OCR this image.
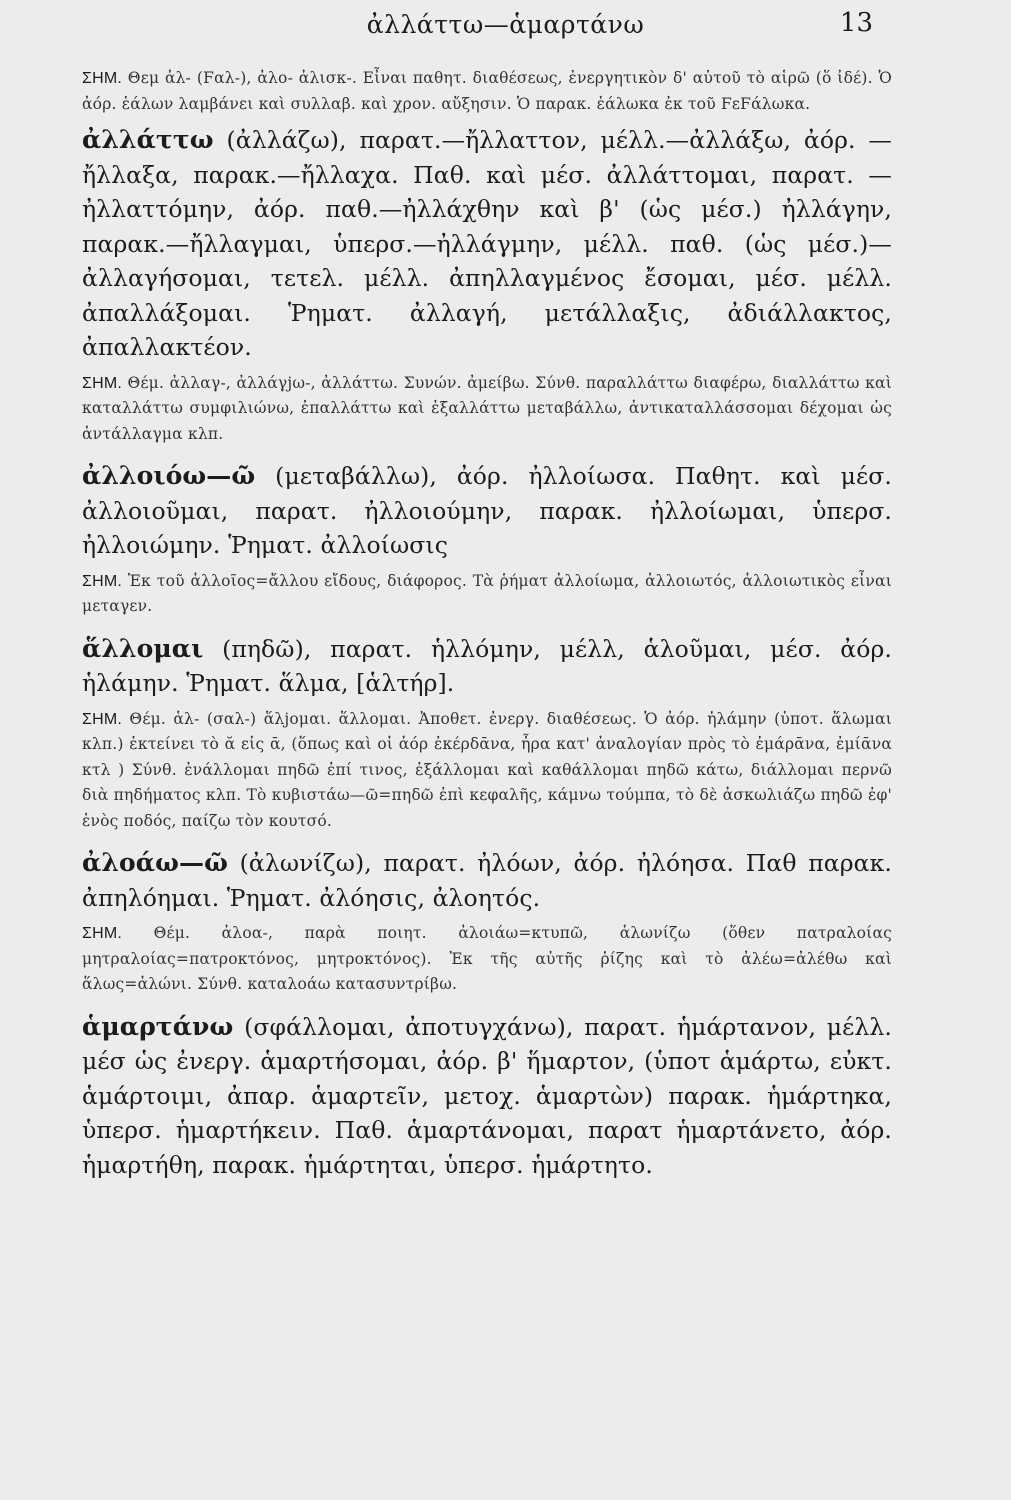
ἀλλάττω—ἁμαρτάνω	13

ΣΗΜ. Θεμ ἀλ- (Ϝαλ-), ἀλο- ἀλισκ-. Εἶναι παθητ. διαθέσεως, ἐνεργητικὸν δ' αὐτοῦ τὸ αἱρῶ (ὅ ἰδέ). Ὁ ἀόρ. ἑάλων λαμβάνει καὶ συλλαβ. καὶ χρον. αὔξησιν. Ὁ παρακ. ἑάλωκα ἐκ τοῦ ϜεϜάλωκα.

ἀλλάττω (ἀλλάζω), παρατ.—ἤλλαττον, μέλλ.—ἀλλάξω, ἀόρ. —ἤλλαξα, παρακ.—ἤλλαχα. Παθ. καὶ μέσ. ἀλλάττομαι, παρατ. —ἠλλαττόμην, ἀόρ. παθ.—ἠλλάχθην καὶ β' (ὡς μέσ.) ἠλλάγην, παρακ.—ἤλλαγμαι, ὑπερσ.—ἠλλάγμην, μέλλ. παθ. (ὡς μέσ.)—ἀλλαγήσομαι, τετελ. μέλλ. ἀπηλλαγμένος ἔσομαι, μέσ. μέλλ. ἀπαλλάξομαι. Ῥηματ. ἀλλαγή, μετάλλαξις, ἀδιάλλακτος, ἀπαλλακτέον.

ΣΗΜ. Θέμ. ἀλλαγ-, ἀλλάγjω-, ἀλλάττω. Συνών. ἀμείβω. Σύνθ. παραλλάττω διαφέρω, διαλλάττω καὶ καταλλάττω συμφιλιώνω, ἐπαλλάττω καὶ ἐξαλλάττω μεταβάλλω, ἀντικαταλλάσσομαι δέχομαι ὡς ἀντάλλαγμα κλπ.

ἀλλοιόω—ῶ (μεταβάλλω), ἀόρ. ἠλλοίωσα. Παθητ. καὶ μέσ. ἀλλοιοῦμαι, παρατ. ἠλλοιούμην, παρακ. ἠλλοίωμαι, ὑπερσ. ἠλλοιώμην. Ῥηματ. ἀλλοίωσις

ΣΗΜ. Ἐκ τοῦ ἀλλοῖος=ἄλλου εἴδους, διάφορος. Τὰ ῥήματ ἀλλοίωμα, ἀλλοιωτός, ἀλλοιωτικὸς εἶναι μεταγεν.

ἅλλομαι (πηδῶ), παρατ. ἡλλόμην, μέλλ, ἁλοῦμαι, μέσ. ἀόρ. ἡλάμην. Ῥηματ. ἅλμα, [ἁλτήρ].

ΣΗΜ. Θέμ. ἁλ- (σαλ-) ἅλjομαι. ἅλλομαι. Ἀποθετ. ἐνεργ. διαθέσεως. Ὁ ἀόρ. ἡλάμην (ὑποτ. ἅλωμαι κλπ.) ἐκτείνει τὸ ᾰ εἰς ᾱ, (ὅπως καὶ οἱ ἀόρ ἐκέρδᾱνα, ἦρα κατ' ἀναλογίαν πρὸς τὸ ἐμάρᾱνα, ἐμίᾱνα κτλ ) Σύνθ. ἐνάλλομαι πηδῶ ἐπί τινος, ἐξάλλομαι καὶ καθάλλομαι πηδῶ κάτω, διάλλομαι περνῶ διὰ πηδήματος κλπ. Τὸ κυβιστάω—ῶ=πηδῶ ἐπὶ κεφαλῆς, κάμνω τούμπα, τὸ δὲ ἀσκωλιάζω πηδῶ ἐφ' ἑνὸς ποδός, παίζω τὸν κουτσό.

ἀλοάω—ῶ (ἀλωνίζω), παρατ. ἠλόων, ἀόρ. ἠλόησα. Παθ παρακ. ἀπηλόημαι. Ῥηματ. ἀλόησις, ἀλοητός.

ΣΗΜ. Θέμ. ἀλοα-, παρὰ ποιητ. ἀλοιάω=κτυπῶ, ἀλωνίζω (ὅθεν πατραλοίας μητραλοίας=πατροκτόνος, μητροκτόνος). Ἐκ τῆς αὐτῆς ῥίζης καὶ τὸ ἀλέω=ἀλέθω καὶ ἅλως=ἀλώνι. Σύνθ. καταλοάω κατασυντρίβω.

ἁμαρτάνω (σφάλλομαι, ἀποτυγχάνω), παρατ. ἡμάρτανον, μέλλ. μέσ ὡς ἐνεργ. ἁμαρτήσομαι, ἀόρ. β' ἥμαρτον, (ὑποτ ἁμάρτω, εὐκτ. ἁμάρτοιμι, ἀπαρ. ἁμαρτεῖν, μετοχ. ἁμαρτὼν) παρακ. ἡμάρτηκα, ὑπερσ. ἡμαρτήκειν. Παθ. ἁμαρτάνομαι, παρατ ἡμαρτάνετο, ἀόρ. ἡμαρτήθη, παρακ. ἡμάρτηται, ὑπερσ. ἡμάρτητο.
